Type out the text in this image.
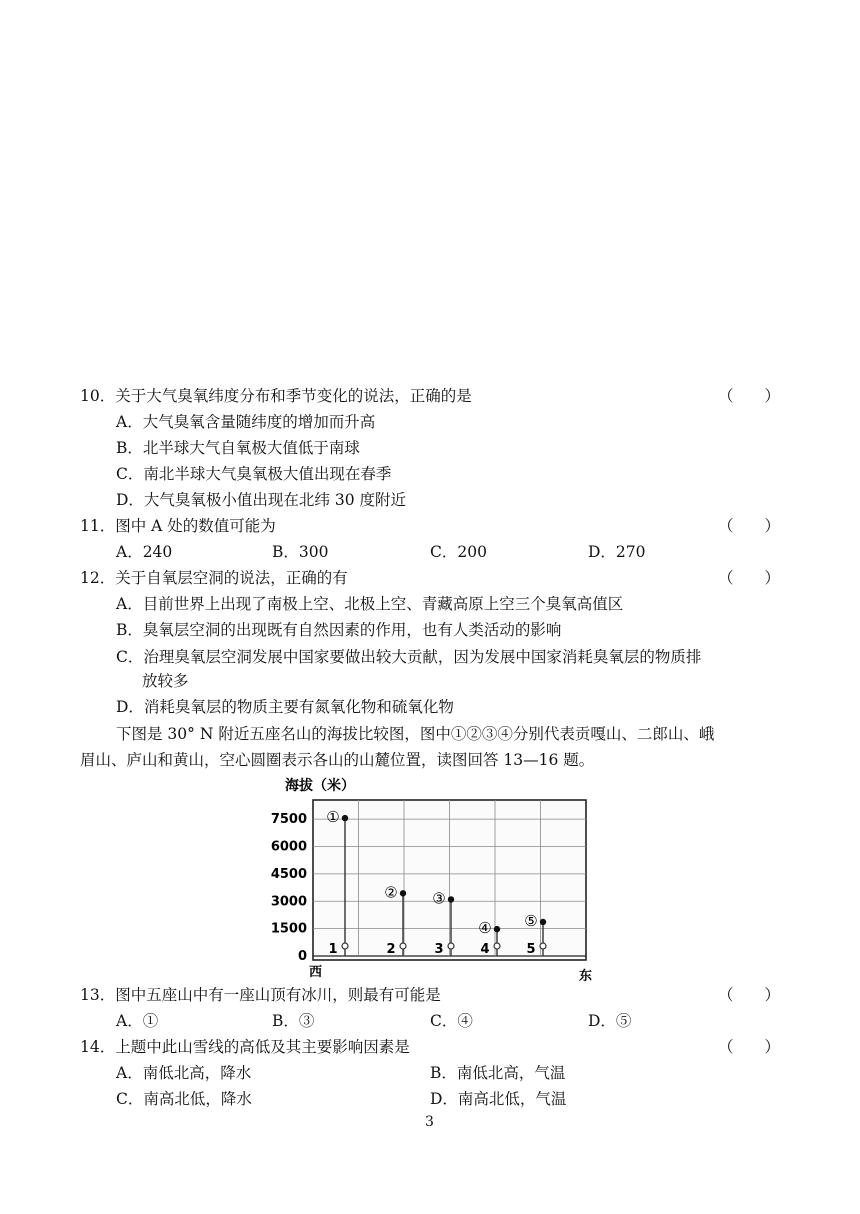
10．关于大气臭氧纬度分布和季节变化的说法，正确的是	（　　）
A．大气臭氧含量随纬度的增加而升高
B．北半球大气自氧极大值低于南球
C．南北半球大气臭氧极大值出现在春季
D．大气臭氧极小值出现在北纬 30 度附近
11．图中 A 处的数值可能为	（　　）
A．240	B．300	C．200	D．270
12．关于自氧层空洞的说法，正确的有	（　　）
A．目前世界上出现了南极上空、北极上空、青藏高原上空三个臭氧高值区
B．臭氧层空洞的出现既有自然因素的作用，也有人类活动的影响
C．治理臭氧层空洞发展中国家要做出较大贡献，因为发展中国家消耗臭氧层的物质排
放较多
D．消耗臭氧层的物质主要有氮氧化物和硫氧化物
下图是 30° N 附近五座名山的海拔比较图，图中①②③④分别代表贡嘎山、二郎山、峨
眉山、庐山和黄山，空心圆圈表示各山的山麓位置，读图回答 13—16 题。
海拔（米）
0
1500
3000
4500
6000
7500 ①
1
②
2
③
3
④
4
⑤
5
西	东
13．图中五座山中有一座山顶有冰川，则最有可能是	（　　）
A．①	B．③	C．④	D．⑤
14．上题中此山雪线的高低及其主要影响因素是	（　　）
A．南低北高，降水	B．南低北高，气温
C．南高北低，降水	D．南高北低，气温
3
